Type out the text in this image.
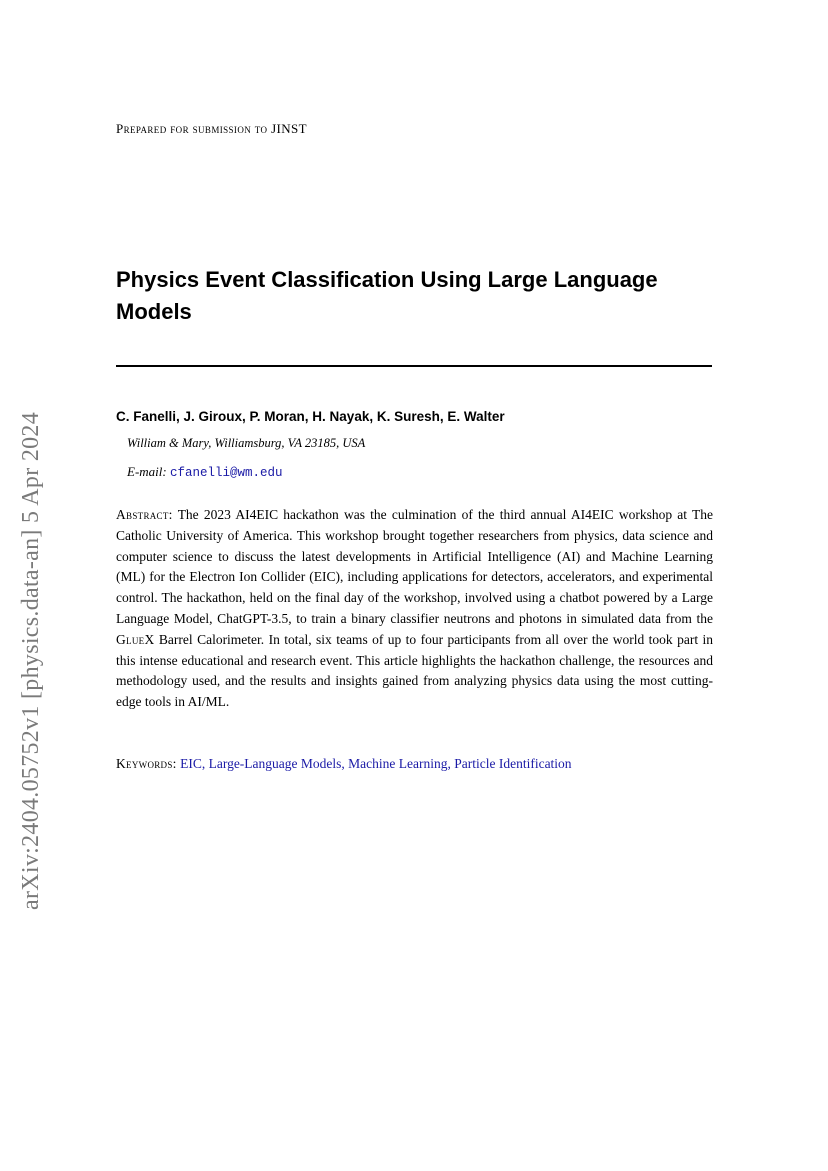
arXiv:2404.05752v1 [physics.data-an] 5 Apr 2024
Prepared for submission to JINST
Physics Event Classification Using Large Language Models
C. Fanelli, J. Giroux, P. Moran, H. Nayak, K. Suresh, E. Walter
William & Mary, Williamsburg, VA 23185, USA
E-mail: cfanelli@wm.edu
Abstract: The 2023 AI4EIC hackathon was the culmination of the third annual AI4EIC workshop at The Catholic University of America. This workshop brought together researchers from physics, data science and computer science to discuss the latest developments in Artificial Intelligence (AI) and Machine Learning (ML) for the Electron Ion Collider (EIC), including applications for detectors, accelerators, and experimental control. The hackathon, held on the final day of the workshop, involved using a chatbot powered by a Large Language Model, ChatGPT-3.5, to train a binary classifier neutrons and photons in simulated data from the GlueX Barrel Calorimeter. In total, six teams of up to four participants from all over the world took part in this intense educational and research event. This article highlights the hackathon challenge, the resources and methodology used, and the results and insights gained from analyzing physics data using the most cutting-edge tools in AI/ML.
Keywords: EIC, Large-Language Models, Machine Learning, Particle Identification
